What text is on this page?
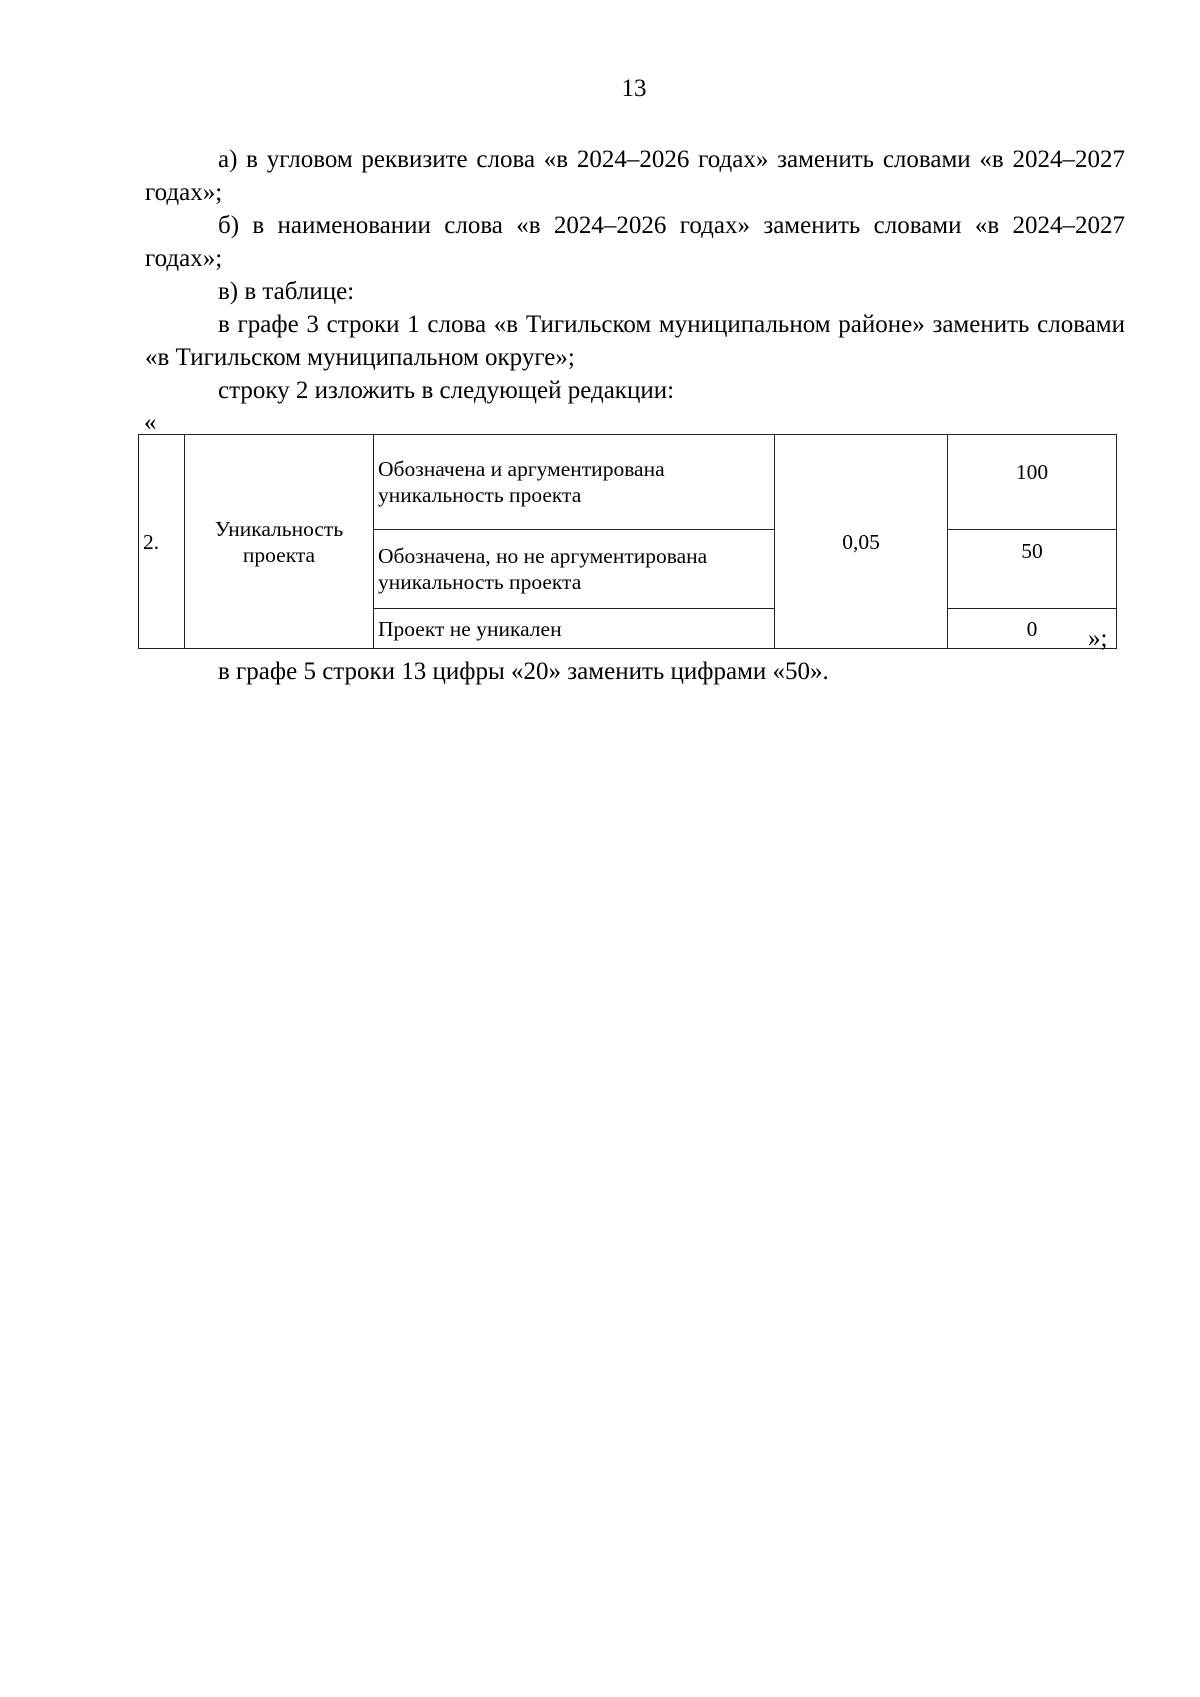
13

а) в угловом реквизите слова «в 2024–2026 годах» заменить словами «в 2024–2027 годах»;

б) в наименовании слова «в 2024–2026 годах» заменить словами «в 2024–2027 годах»;

в) в таблице:

в графе 3 строки 1 слова «в Тигильском муниципальном районе» заменить словами «в Тигильском муниципальном округе»;

строку 2 изложить в следующей редакции:

«
2.	Уникальность проекта	Обозначена и аргументирована уникальность проекта	0,05	100
		Обозначена, но не аргументирована уникальность проекта		50
		Проект не уникален		0 »;
в графе 5 строки 13 цифры «20» заменить цифрами «50».
